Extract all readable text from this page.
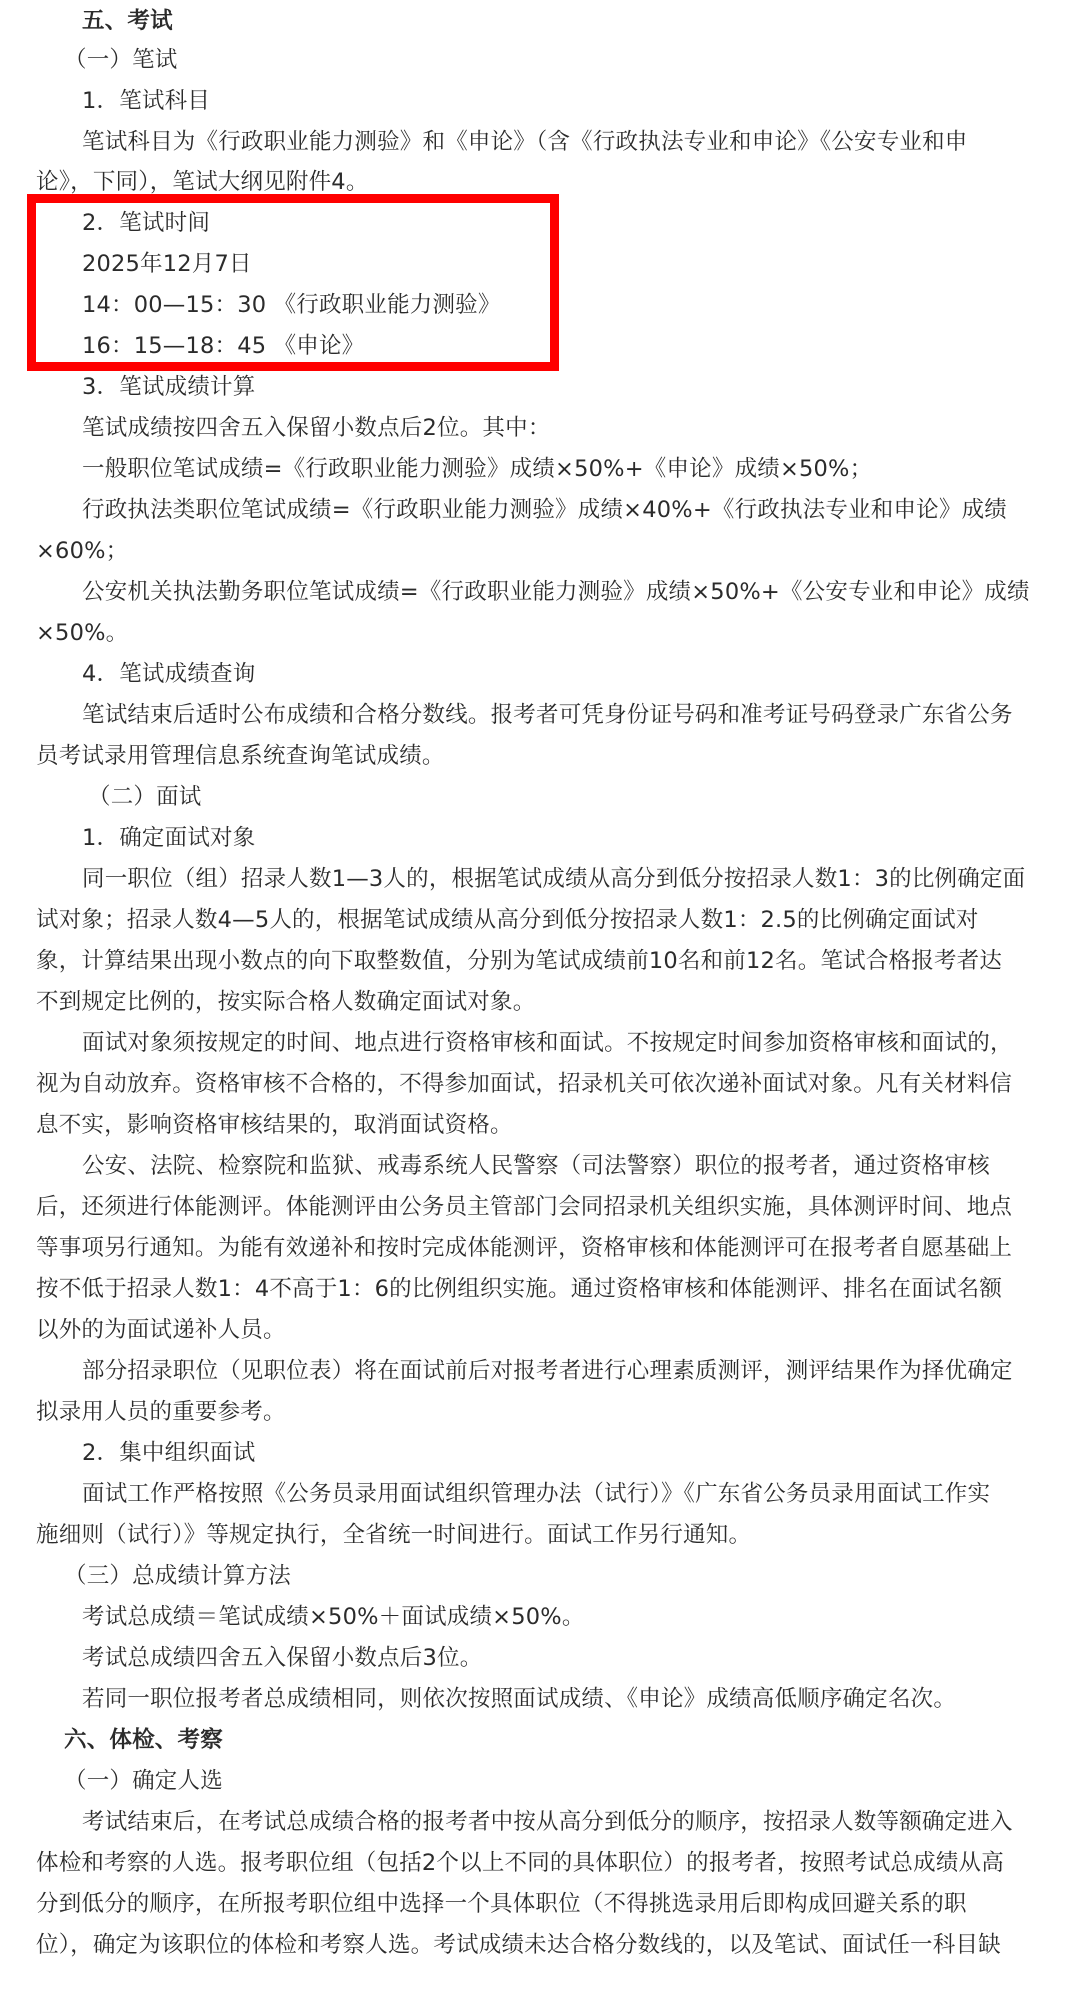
五、考试
（一）笔试
1．笔试科目
笔试科目为《行政职业能力测验》和《申论》（含《行政执法专业和申论》《公安专业和申
论》，下同），笔试大纲见附件4。
2．笔试时间
2025年12月7日
14：00—15：30 《行政职业能力测验》
16：15—18：45 《申论》
3．笔试成绩计算
笔试成绩按四舍五入保留小数点后2位。其中：
一般职位笔试成绩=《行政职业能力测验》成绩×50%+《申论》成绩×50%；
行政执法类职位笔试成绩=《行政职业能力测验》成绩×40%+《行政执法专业和申论》成绩
×60%；
公安机关执法勤务职位笔试成绩=《行政职业能力测验》成绩×50%+《公安专业和申论》成绩
×50%。
4．笔试成绩查询
笔试结束后适时公布成绩和合格分数线。报考者可凭身份证号码和准考证号码登录广东省公务
员考试录用管理信息系统查询笔试成绩。
（二）面试
1．确定面试对象
同一职位（组）招录人数1—3人的，根据笔试成绩从高分到低分按招录人数1：3的比例确定面
试对象；招录人数4—5人的，根据笔试成绩从高分到低分按招录人数1：2.5的比例确定面试对
象，计算结果出现小数点的向下取整数值，分别为笔试成绩前10名和前12名。笔试合格报考者达
不到规定比例的，按实际合格人数确定面试对象。
面试对象须按规定的时间、地点进行资格审核和面试。不按规定时间参加资格审核和面试的，
视为自动放弃。资格审核不合格的，不得参加面试，招录机关可依次递补面试对象。凡有关材料信
息不实，影响资格审核结果的，取消面试资格。
公安、法院、检察院和监狱、戒毒系统人民警察（司法警察）职位的报考者，通过资格审核
后，还须进行体能测评。体能测评由公务员主管部门会同招录机关组织实施，具体测评时间、地点
等事项另行通知。为能有效递补和按时完成体能测评，资格审核和体能测评可在报考者自愿基础上
按不低于招录人数1：4不高于1：6的比例组织实施。通过资格审核和体能测评、排名在面试名额
以外的为面试递补人员。
部分招录职位（见职位表）将在面试前后对报考者进行心理素质测评，测评结果作为择优确定
拟录用人员的重要参考。
2．集中组织面试
面试工作严格按照《公务员录用面试组织管理办法（试行）》《广东省公务员录用面试工作实
施细则（试行）》等规定执行，全省统一时间进行。面试工作另行通知。
（三）总成绩计算方法
考试总成绩＝笔试成绩×50%＋面试成绩×50%。
考试总成绩四舍五入保留小数点后3位。
若同一职位报考者总成绩相同，则依次按照面试成绩、《申论》成绩高低顺序确定名次。
六、体检、考察
（一）确定人选
考试结束后，在考试总成绩合格的报考者中按从高分到低分的顺序，按招录人数等额确定进入
体检和考察的人选。报考职位组（包括2个以上不同的具体职位）的报考者，按照考试总成绩从高
分到低分的顺序，在所报考职位组中选择一个具体职位（不得挑选录用后即构成回避关系的职
位），确定为该职位的体检和考察人选。考试成绩未达合格分数线的，以及笔试、面试任一科目缺
